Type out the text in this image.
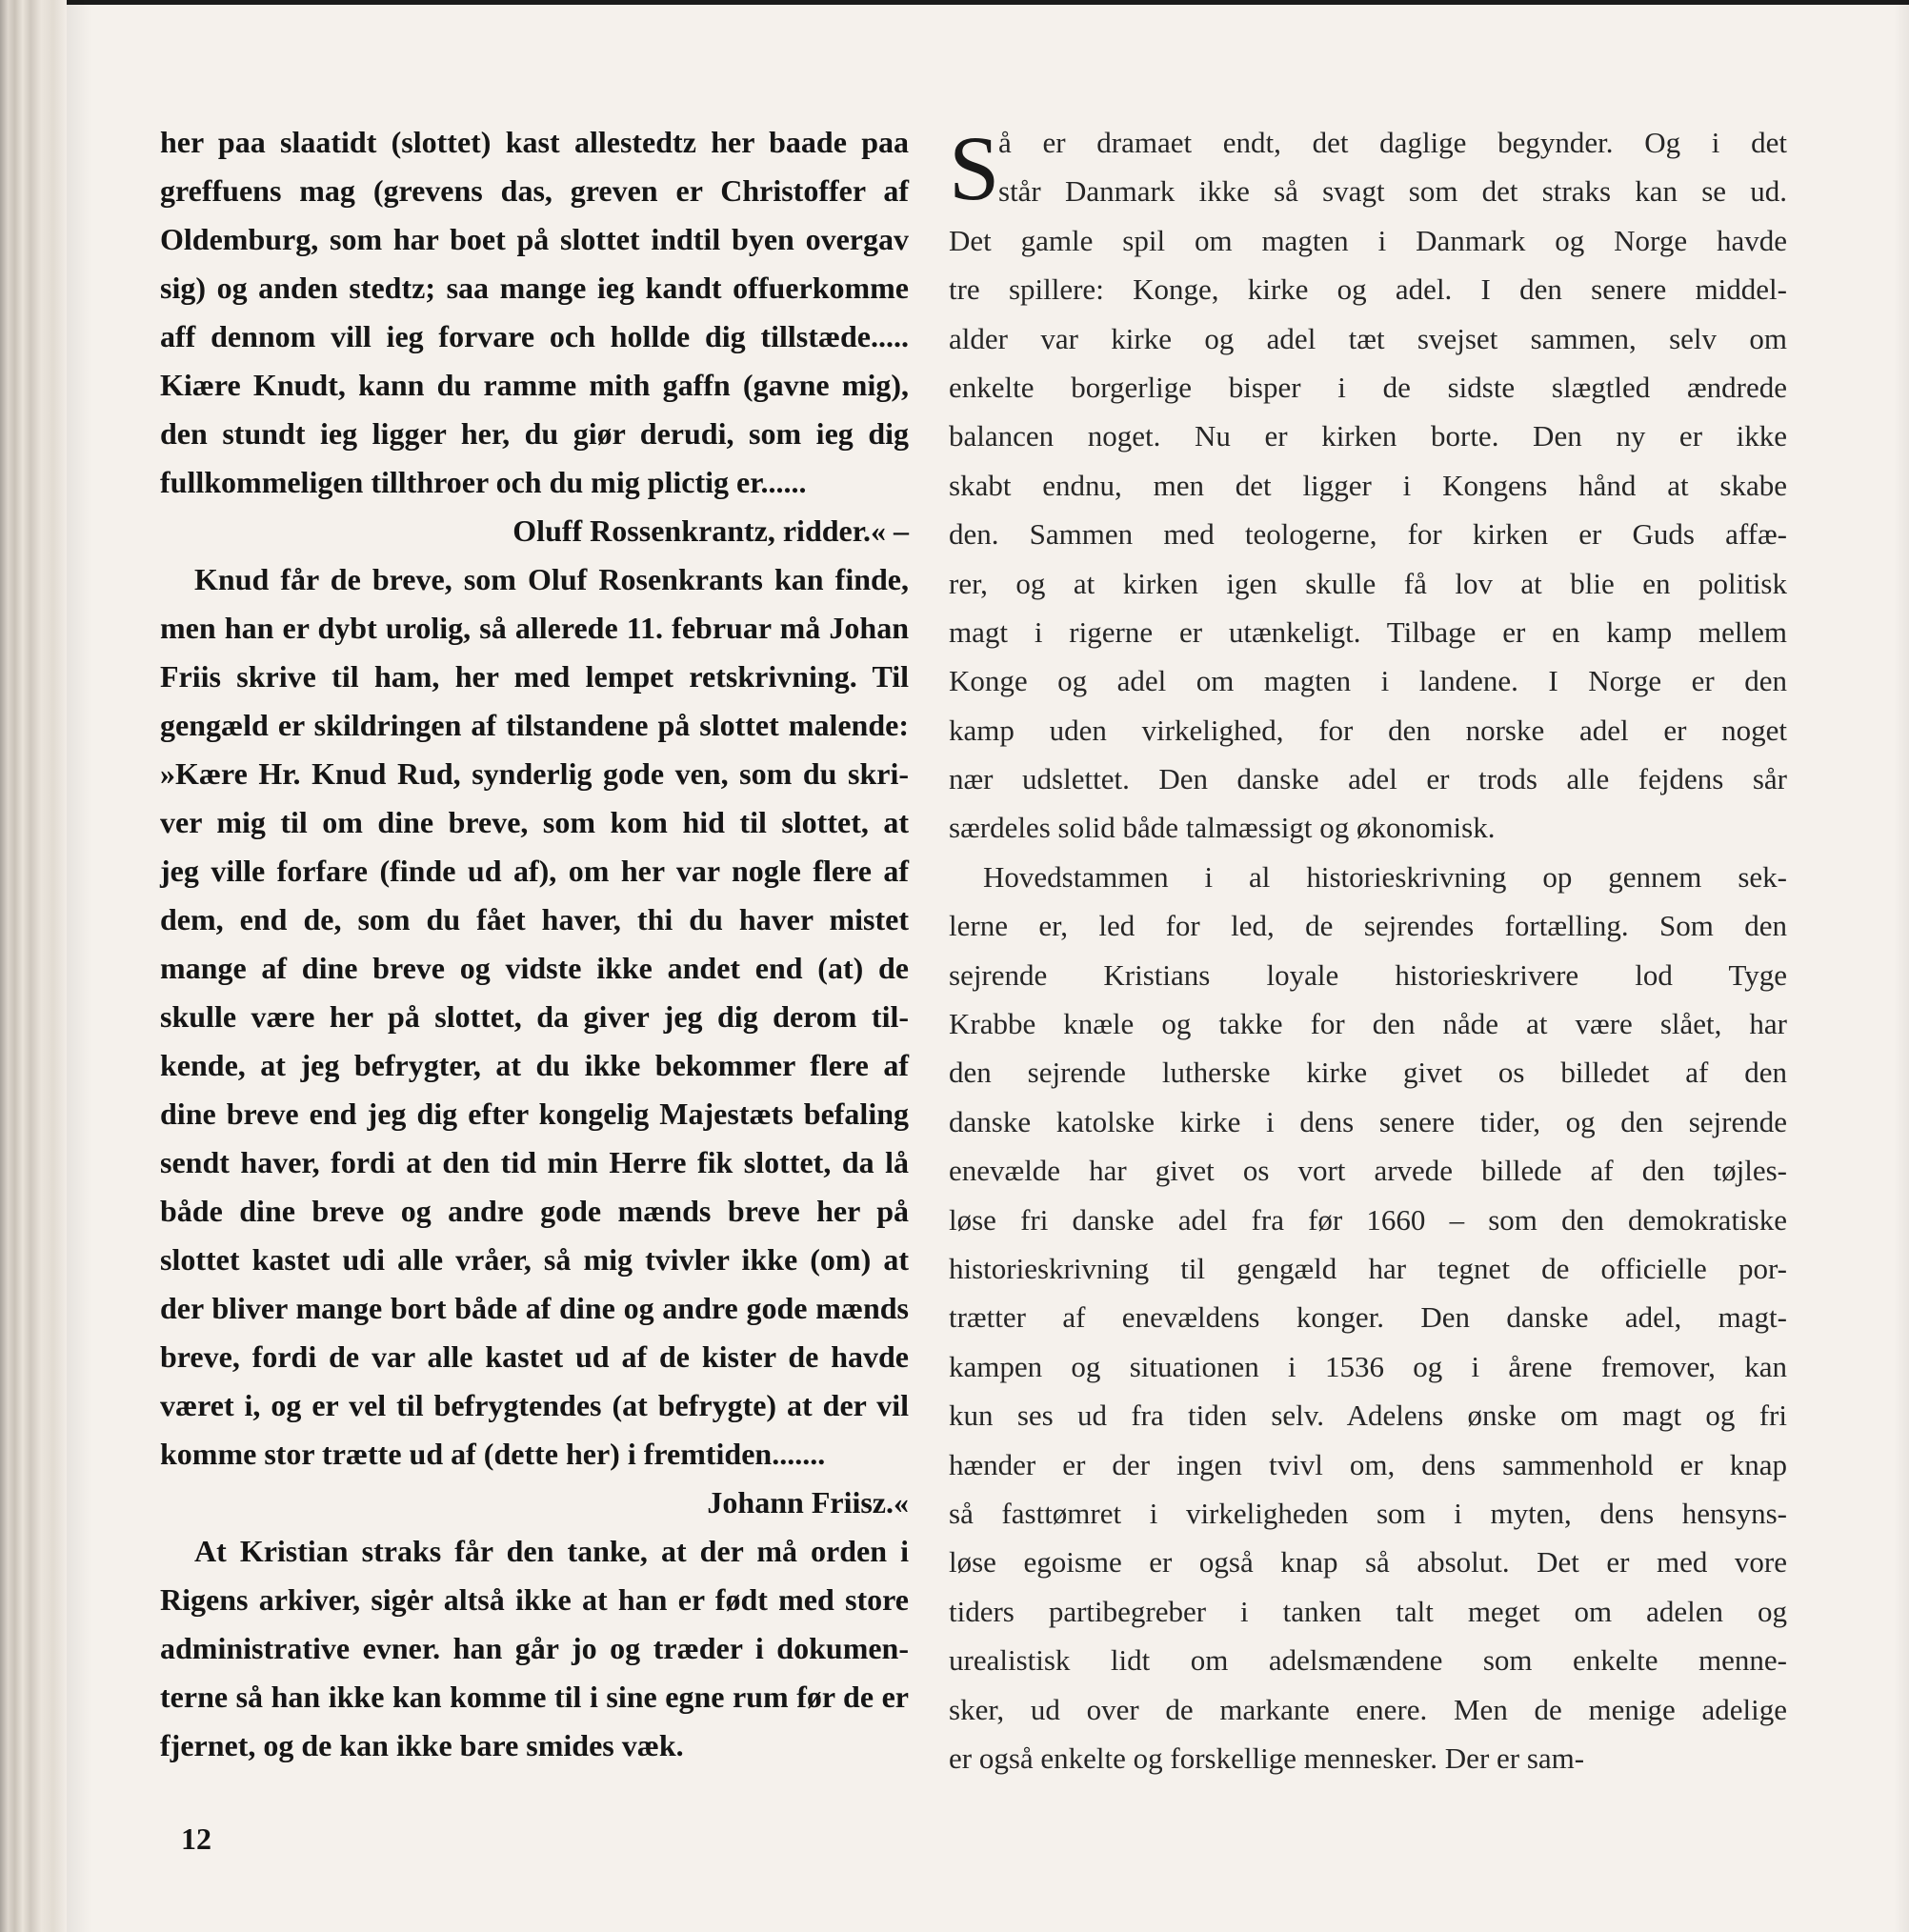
her paa slaatidt (slottet) kast allestedtz her baade paa
greffuens mag (grevens das, greven er Christoffer af
Oldemburg, som har boet på slottet indtil byen overgav
sig) og anden stedtz; saa mange ieg kandt offuerkomme
aff dennom vill ieg forvare och hollde dig tillstæde.....
Kiære Knudt, kann du ramme mith gaffn (gavne mig),
den stundt ieg ligger her, du giør derudi, som ieg dig
fullkommeligen tillthroer och du mig plictig er......
Oluff Rossenkrantz, ridder.« –
Knud får de breve, som Oluf Rosenkrants kan finde,
men han er dybt urolig, så allerede 11. februar må Johan
Friis skrive til ham, her med lempet retskrivning. Til
gengæld er skildringen af tilstandene på slottet malende:
»Kære Hr. Knud Rud, synderlig gode ven, som du skri-
ver mig til om dine breve, som kom hid til slottet, at
jeg ville forfare (finde ud af), om her var nogle flere af
dem, end de, som du fået haver, thi du haver mistet
mange af dine breve og vidste ikke andet end (at) de
skulle være her på slottet, da giver jeg dig derom til-
kende, at jeg befrygter, at du ikke bekommer flere af
dine breve end jeg dig efter kongelig Majestæts befaling
sendt haver, fordi at den tid min Herre fik slottet, da lå
både dine breve og andre gode mænds breve her på
slottet kastet udi alle vråer, så mig tvivler ikke (om) at
der bliver mange bort både af dine og andre gode mænds
breve, fordi de var alle kastet ud af de kister de havde
været i, og er vel til befrygtendes (at befrygte) at der vil
komme stor trætte ud af (dette her) i fremtiden.......
Johann Friisz.«
At Kristian straks får den tanke, at der må orden i
Rigens arkiver, sigėr altså ikke at han er født med store
administrative evner. han går jo og træder i dokumen-
terne så han ikke kan komme til i sine egne rum før de er
fjernet, og de kan ikke bare smides væk.
S
å er dramaet endt, det daglige begynder. Og i det
står Danmark ikke så svagt som det straks kan se ud.
Det gamle spil om magten i Danmark og Norge havde
tre spillere: Konge, kirke og adel. I den senere middel-
alder var kirke og adel tæt svejset sammen, selv om
enkelte borgerlige bisper i de sidste slægtled ændrede
balancen noget. Nu er kirken borte. Den ny er ikke
skabt endnu, men det ligger i Kongens hånd at skabe
den. Sammen med teologerne, for kirken er Guds affæ-
rer, og at kirken igen skulle få lov at blie en politisk
magt i rigerne er utænkeligt. Tilbage er en kamp mellem
Konge og adel om magten i landene. I Norge er den
kamp uden virkelighed, for den norske adel er noget
nær udslettet. Den danske adel er trods alle fejdens sår
særdeles solid både talmæssigt og økonomisk.
Hovedstammen i al historieskrivning op gennem sek-
lerne er, led for led, de sejrendes fortælling. Som den
sejrende Kristians loyale historieskrivere lod Tyge
Krabbe knæle og takke for den nåde at være slået, har
den sejrende lutherske kirke givet os billedet af den
danske katolske kirke i dens senere tider, og den sejrende
enevælde har givet os vort arvede billede af den tøjles-
løse fri danske adel fra før 1660 – som den demokratiske
historieskrivning til gengæld har tegnet de officielle por-
trætter af enevældens konger. Den danske adel, magt-
kampen og situationen i 1536 og i årene fremover, kan
kun ses ud fra tiden selv. Adelens ønske om magt og fri
hænder er der ingen tvivl om, dens sammenhold er knap
så fasttømret i virkeligheden som i myten, dens hensyns-
løse egoisme er også knap så absolut. Det er med vore
tiders partibegreber i tanken talt meget om adelen og
urealistisk lidt om adelsmændene som enkelte menne-
sker, ud over de markante enere. Men de menige adelige
er også enkelte og forskellige mennesker. Der er sam-
12
